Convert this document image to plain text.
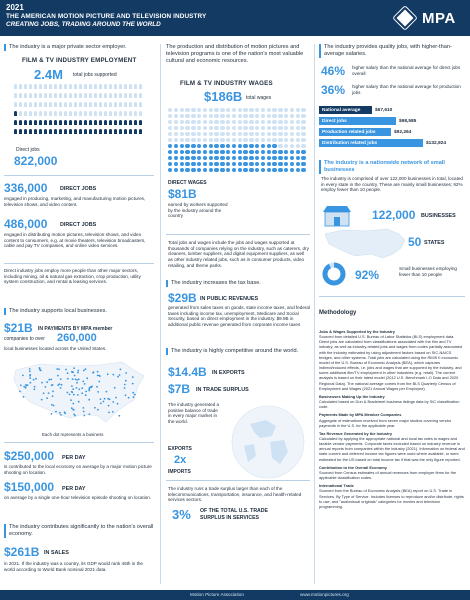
2021
THE AMERICAN MOTION PICTURE AND TELEVISION INDUSTRY
CREATING JOBS, TRADING AROUND THE WORLD	MPA
The industry is a major private sector employer.
FILM & TV INDUSTRY EMPLOYMENT
2.4M total jobs supported
Direct jobs
822,000
336,000 DIRECT JOBS
engaged in producing, marketing, and manufacturing motion pictures, television shows, and video content.
486,000 DIRECT JOBS
engaged in distributing motion pictures, television shows, and video content to consumers, e.g. at movie theaters, television broadcasters, cable and pay TV companies, and online video services.
Direct industry jobs employ more people than other major sectors, including mining, oil & natural gas extraction, crop production, utility system construction, and rental & leasing services.
The industry supports local businesses.
$21B IN PAYMENTS BY MPA member
companies to over 260,000
local businesses located across the United States.
Each dot represents a business
$250,000 PER DAY
is contributed to the local economy on average by a major motion picture shooting on location.
$150,000 PER DAY
on average by a single one-hour television episode shooting on location.
The industry contributes significantly to the nation's overall economy.
$261B IN SALES
in 2021. If the industry was a country, its GDP would rank 46th in the world according to World Bank nominal 2021 data.
The production and distribution of motion pictures and television programs is one of the nation's most valuable cultural and economic resources.
FILM & TV INDUSTRY WAGES
$186B total wages
DIRECT WAGES
$81B
earned by workers supported by the industry around the country
Total jobs and wages include the jobs and wages supported at thousands of companies relying on the industry, such as caterers, dry cleaners, lumber suppliers, and digital equipment suppliers, as well as other industry related jobs, such as in consumer products, video retailing, and theme parks.
The industry increases the tax base.
$29B IN PUBLIC REVENUES
generated from sales taxes on goods, state income taxes, and federal taxes including income tax, unemployment, Medicare and Social Security, based on direct employment in the industry. $9.9B in additional public revenue generated from corporate income taxes
The industry is highly competitive around the world.
$14.4B IN EXPORTS
$7B IN TRADE SURPLUS
The industry generated a positive balance of trade in every major market in the world.
EXPORTS
2x
IMPORTS
The industry runs a trade surplus larger than each of the telecommunications, transportation, insurance, and health-related services sectors.
3% OF THE TOTAL U.S. TRADE
SURPLUS IN SERVICES
The industry provides quality jobs, with higher-than-average salaries.
46% higher salary than the national average for direct jobs overall
36% higher salary than the national average for production jobs
National average	$67,610
Direct jobs	$98,585
Production related jobs	$92,264
Distribution related jobs	$132,924
The industry is a nationwide network of small businesses
The industry is comprised of over 122,000 businesses in total, located in every state in the country. These are mainly small businesses; 92% employ fewer than 10 people.
122,000 BUSINESSES
50 STATES
92%	Small businesses employing fewer than 10 people
Methodology
Jobs & Wages Supported by the Industry
Sourced from detailed U.S. Bureau of Labor Statistics (BLS) employment data. Direct jobs are calculated from classifications associated with the film and TV industry, as well as industry-related jobs and wages from codes partially associated with the industry estimated by using adjustment factors based on SIC-NAICS bridges, and other systems. Total jobs are calculated using the RIMS II economic model of the U.S. Bureau of Economic Analysis (BEA), which captures indirect/induced effects, i.e. jobs and wages that are supported by the industry, and some additional film/TV employment in other industries (e.g. retail). The current analysis is based on their latest model (2012 U.S. Benchmark I-O Data and 2020 Regional Data). The national average comes from the BLS Quarterly Census of Employment and Wages (2021 Annual Wages per Employee).
Businesses Making Up the Industry
Calculated based on Dun & Bradstreet business listings data by SIC classification code.
Payments Made by MPA Member Companies
Aggregate of estimations received from seven major studios covering vendor payments in the U.S. for the applicable year.
Tax Revenue Generated by the Industry
Calculated by applying the appropriate national and local tax rates to wages and taxable vendor payments. Corporate taxes excluded based on industry revenue in annual reports from companies within the industry (2021). Information on federal and state current and deferred income tax figures were used where available, or were estimated for the US based on total income tax if that was the only figure reported.
Contribution to the Overall Economy
Sourced from Census estimates of annual revenues from employer firms for the applicable classification codes.
International Trade
Sourced from the Bureau of Economic Analysis (BEA) report on U.S. Trade in Services, By Type of Service. Includes licenses to reproduce and/or distribute, rights to use, and "audiovisual originals" categories for movies and television programming.
Motion Picture Association	www.motionpictures.org
